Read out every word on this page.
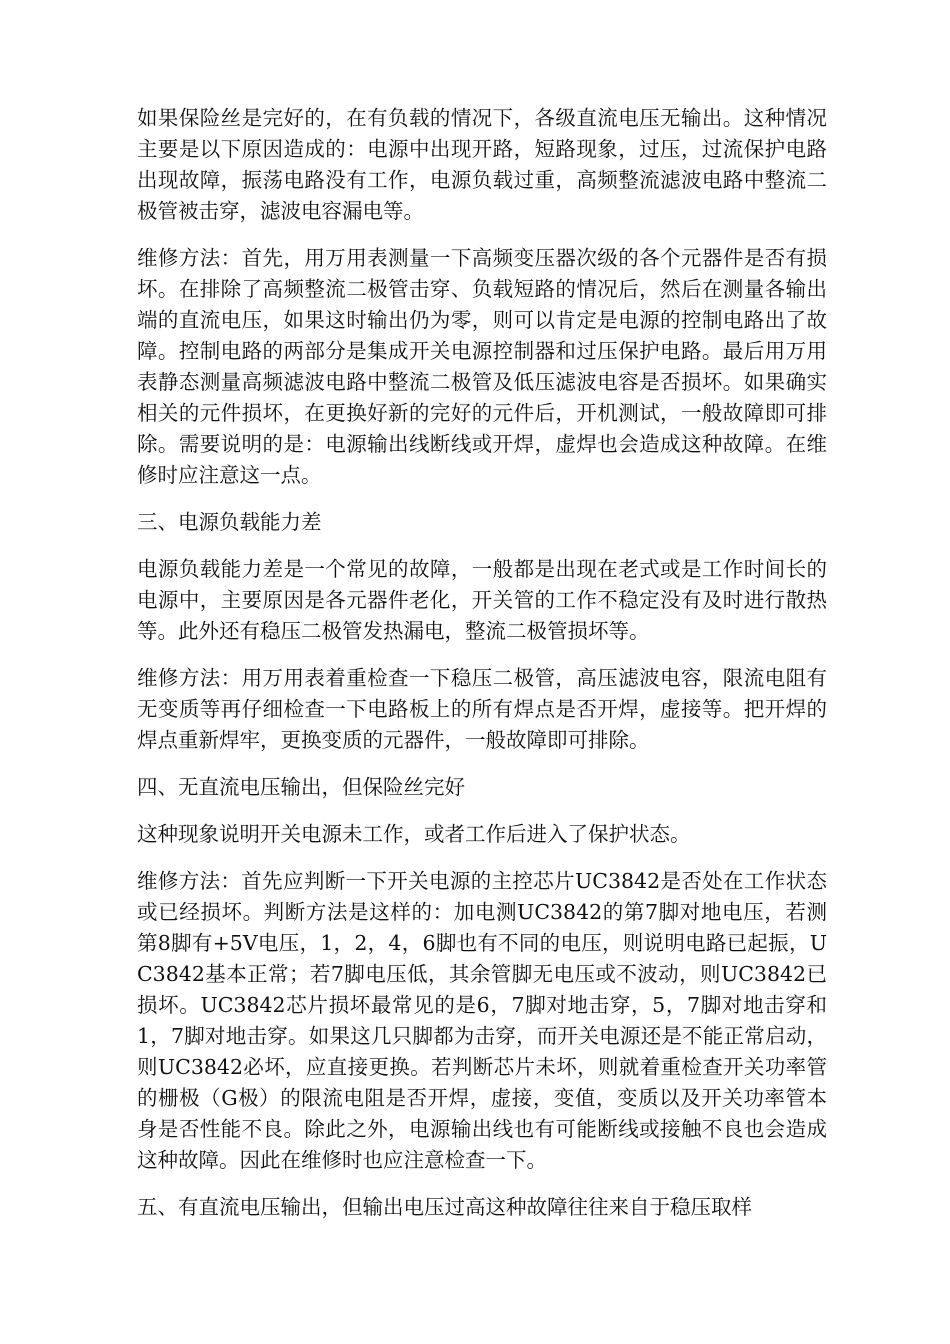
如果保险丝是完好的，在有负载的情况下，各级直流电压无输出。这种情况主要是以下原因造成的：电源中出现开路，短路现象，过压，过流保护电路出现故障，振荡电路没有工作，电源负载过重，高频整流滤波电路中整流二极管被击穿，滤波电容漏电等。

维修方法：首先，用万用表测量一下高频变压器次级的各个元器件是否有损坏。在排除了高频整流二极管击穿、负载短路的情况后，然后在测量各输出端的直流电压，如果这时输出仍为零，则可以肯定是电源的控制电路出了故障。控制电路的两部分是集成开关电源控制器和过压保护电路。最后用万用表静态测量高频滤波电路中整流二极管及低压滤波电容是否损坏。如果确实相关的元件损坏，在更换好新的完好的元件后，开机测试，一般故障即可排除。需要说明的是：电源输出线断线或开焊，虚焊也会造成这种故障。在维修时应注意这一点。

三、电源负载能力差

电源负载能力差是一个常见的故障，一般都是出现在老式或是工作时间长的电源中，主要原因是各元器件老化，开关管的工作不稳定没有及时进行散热等。此外还有稳压二极管发热漏电，整流二极管损坏等。

维修方法：用万用表着重检查一下稳压二极管，高压滤波电容，限流电阻有无变质等再仔细检查一下电路板上的所有焊点是否开焊，虚接等。把开焊的焊点重新焊牢，更换变质的元器件，一般故障即可排除。

四、无直流电压输出，但保险丝完好

这种现象说明开关电源未工作，或者工作后进入了保护状态。

维修方法：首先应判断一下开关电源的主控芯片UC3842是否处在工作状态或已经损坏。判断方法是这样的：加电测UC3842的第7脚对地电压，若测第8脚有+5V电压，1，2，4，6脚也有不同的电压，则说明电路已起振，UC3842基本正常；若7脚电压低，其余管脚无电压或不波动，则UC3842已损坏。UC3842芯片损坏最常见的是6，7脚对地击穿，5，7脚对地击穿和1，7脚对地击穿。如果这几只脚都为击穿，而开关电源还是不能正常启动，则UC3842必坏，应直接更换。若判断芯片未坏，则就着重检查开关功率管的栅极（G极）的限流电阻是否开焊，虚接，变值，变质以及开关功率管本身是否性能不良。除此之外，电源输出线也有可能断线或接触不良也会造成这种故障。因此在维修时也应注意检查一下。

五、有直流电压输出，但输出电压过高这种故障往往来自于稳压取样
